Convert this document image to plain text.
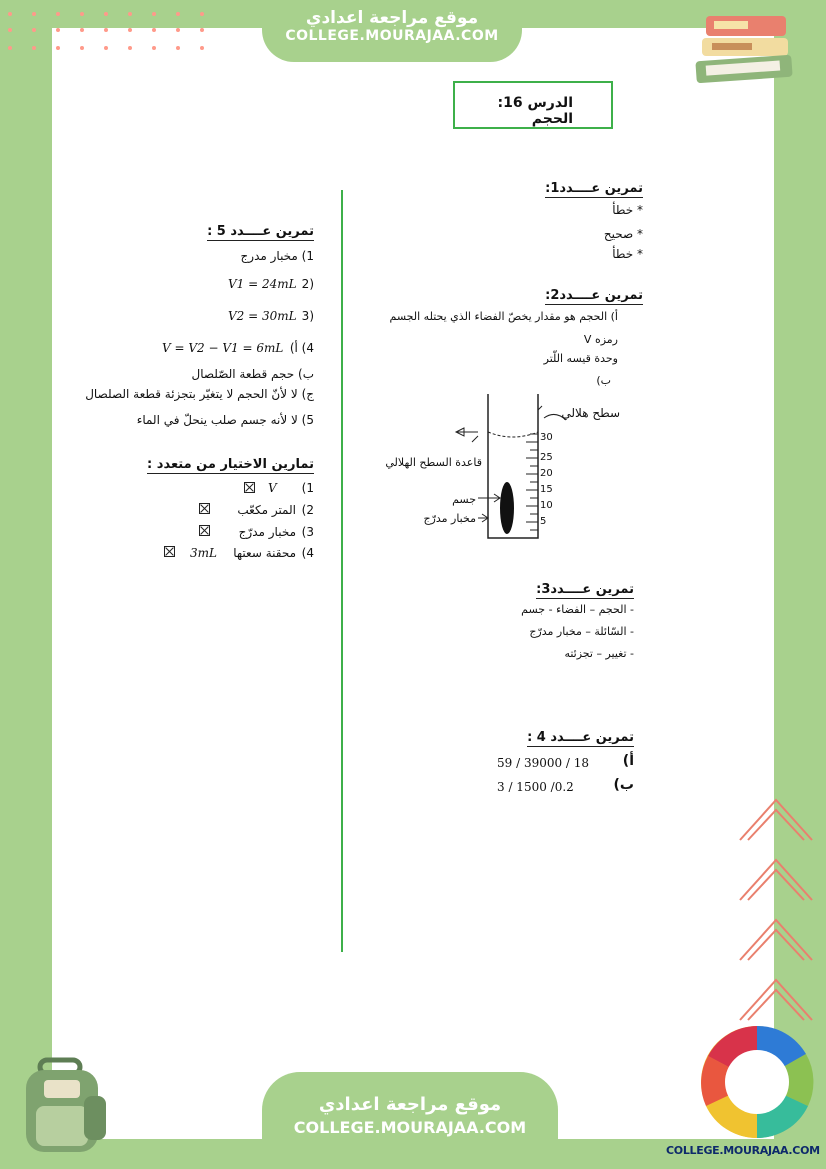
موقع مراجعة اعدادي
COLLEGE.MOURAJAA.COM
الدرس 16: الحجم
تمرين عــــدد1:
* خطأ
* صحيح
* خطأ
تمرين عــــدد2:
أ) الحجم هو مقدار يخصّ الفضاء الذي يحتله الجسم
رمزه V
وحدة قيسه اللّتر
ب)
30
25
20
15
10
5
سطح هلالي
قاعدة السطح الهلالي
جسم
مخبار مدرّج
تمرين عــــدد3:
- الحجم – الفضاء - جسم
- السّائلة – مخبار مدرّج
- تغيير – تجزئته
تمرين عــــدد 4 :
أ)
59 / 39000 / 18
ب)
3 / 1500 /0.2
تمرين عــــدد 5 :
1) مخبار مدرج
(2
V1 = 24mL
(3
V2 = 30mL
4) أ)
V = V2 − V1 = 6mL
ب) حجم قطعة الصّلصال
ج) لا لأنّ الحجم لا يتغيّر بتجزئة قطعة الصلصال
5) لا لأنه جسم صلب ينحلّ في الماء
تمارين الاختيار من متعدد :
1)
V
2)
المتر مكعّب
3)
مخبار مدرّج
4)
محقنة سعتها
3mL
COLLEGE.MOURAJAA.COM
موقع مراجعة اعدادي
COLLEGE.MOURAJAA.COM
